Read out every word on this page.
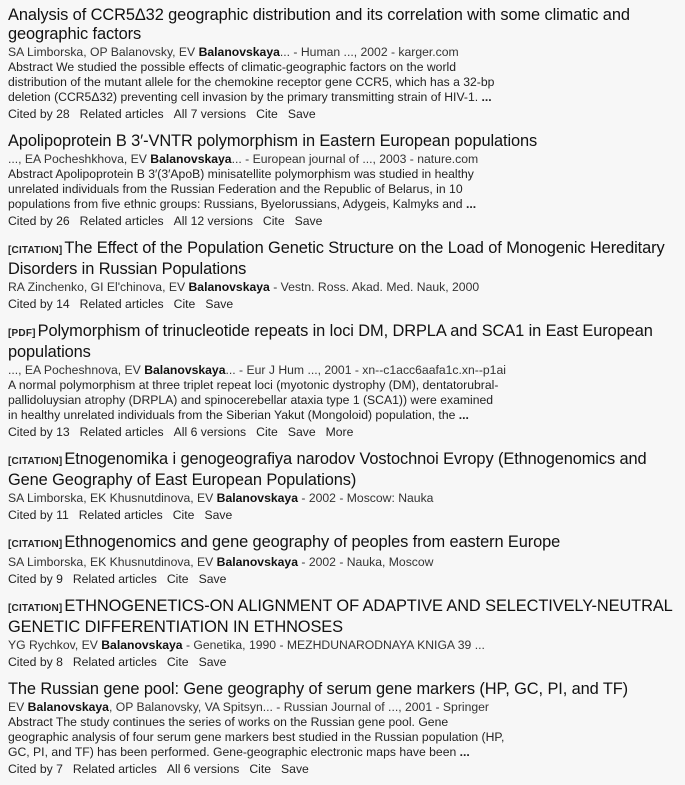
Analysis of CCR5Δ32 geographic distribution and its correlation with some climatic and geographic factors
SA Limborska, OP Balanovsky, EV Balanovskaya... - Human ..., 2002 - karger.com
Abstract We studied the possible effects of climatic-geographic factors on the world
distribution of the mutant allele for the chemokine receptor gene CCR5, which has a 32-bp
deletion (CCR5Δ32) preventing cell invasion by the primary transmitting strain of HIV-1. ...
Cited by 28 Related articles All 7 versions Cite Save
Apolipoprotein B 3′-VNTR polymorphism in Eastern European populations
..., EA Pocheshkhova, EV Balanovskaya... - European journal of ..., 2003 - nature.com
Abstract Apolipoprotein B 3′(3′ApoB) minisatellite polymorphism was studied in healthy
unrelated individuals from the Russian Federation and the Republic of Belarus, in 10
populations from five ethnic groups: Russians, Byelorussians, Adygeis, Kalmyks and ...
Cited by 26 Related articles All 12 versions Cite Save
[CITATION] The Effect of the Population Genetic Structure on the Load of Monogenic Hereditary Disorders in Russian Populations
RA Zinchenko, GI El'chinova, EV Balanovskaya - Vestn. Ross. Akad. Med. Nauk, 2000
Cited by 14 Related articles Cite Save
[PDF] Polymorphism of trinucleotide repeats in loci DM, DRPLA and SCA1 in East European populations
..., EA Pocheshnova, EV Balanovskaya... - Eur J Hum ..., 2001 - xn--c1acc6aafa1c.xn--p1ai
A normal polymorphism at three triplet repeat loci (myotonic dystrophy (DM), dentatorubral-
pallidoluysian atrophy (DRPLA) and spinocerebellar ataxia type 1 (SCA1)) were examined
in healthy unrelated individuals from the Siberian Yakut (Mongoloid) population, the ...
Cited by 13 Related articles All 6 versions Cite Save More
[CITATION] Etnogenomika i genogeografiya narodov Vostochnoi Evropy (Ethnogenomics and Gene Geography of East European Populations)
SA Limborska, EK Khusnutdinova, EV Balanovskaya - 2002 - Moscow: Nauka
Cited by 11 Related articles Cite Save
[CITATION] Ethnogenomics and gene geography of peoples from eastern Europe
SA Limborska, EK Khusnutdinova, EV Balanovskaya - 2002 - Nauka, Moscow
Cited by 9 Related articles Cite Save
[CITATION] ETHNOGENETICS-ON ALIGNMENT OF ADAPTIVE AND SELECTIVELY-NEUTRAL GENETIC DIFFERENTIATION IN ETHNOSES
YG Rychkov, EV Balanovskaya - Genetika, 1990 - MEZHDUNARODNAYA KNIGA 39 ...
Cited by 8 Related articles Cite Save
The Russian gene pool: Gene geography of serum gene markers (HP, GC, PI, and TF)
EV Balanovskaya, OP Balanovsky, VA Spitsyn... - Russian Journal of ..., 2001 - Springer
Abstract The study continues the series of works on the Russian gene pool. Gene
geographic analysis of four serum gene markers best studied in the Russian population (HP,
GC, PI, and TF) has been performed. Gene-geographic electronic maps have been ...
Cited by 7 Related articles All 6 versions Cite Save
